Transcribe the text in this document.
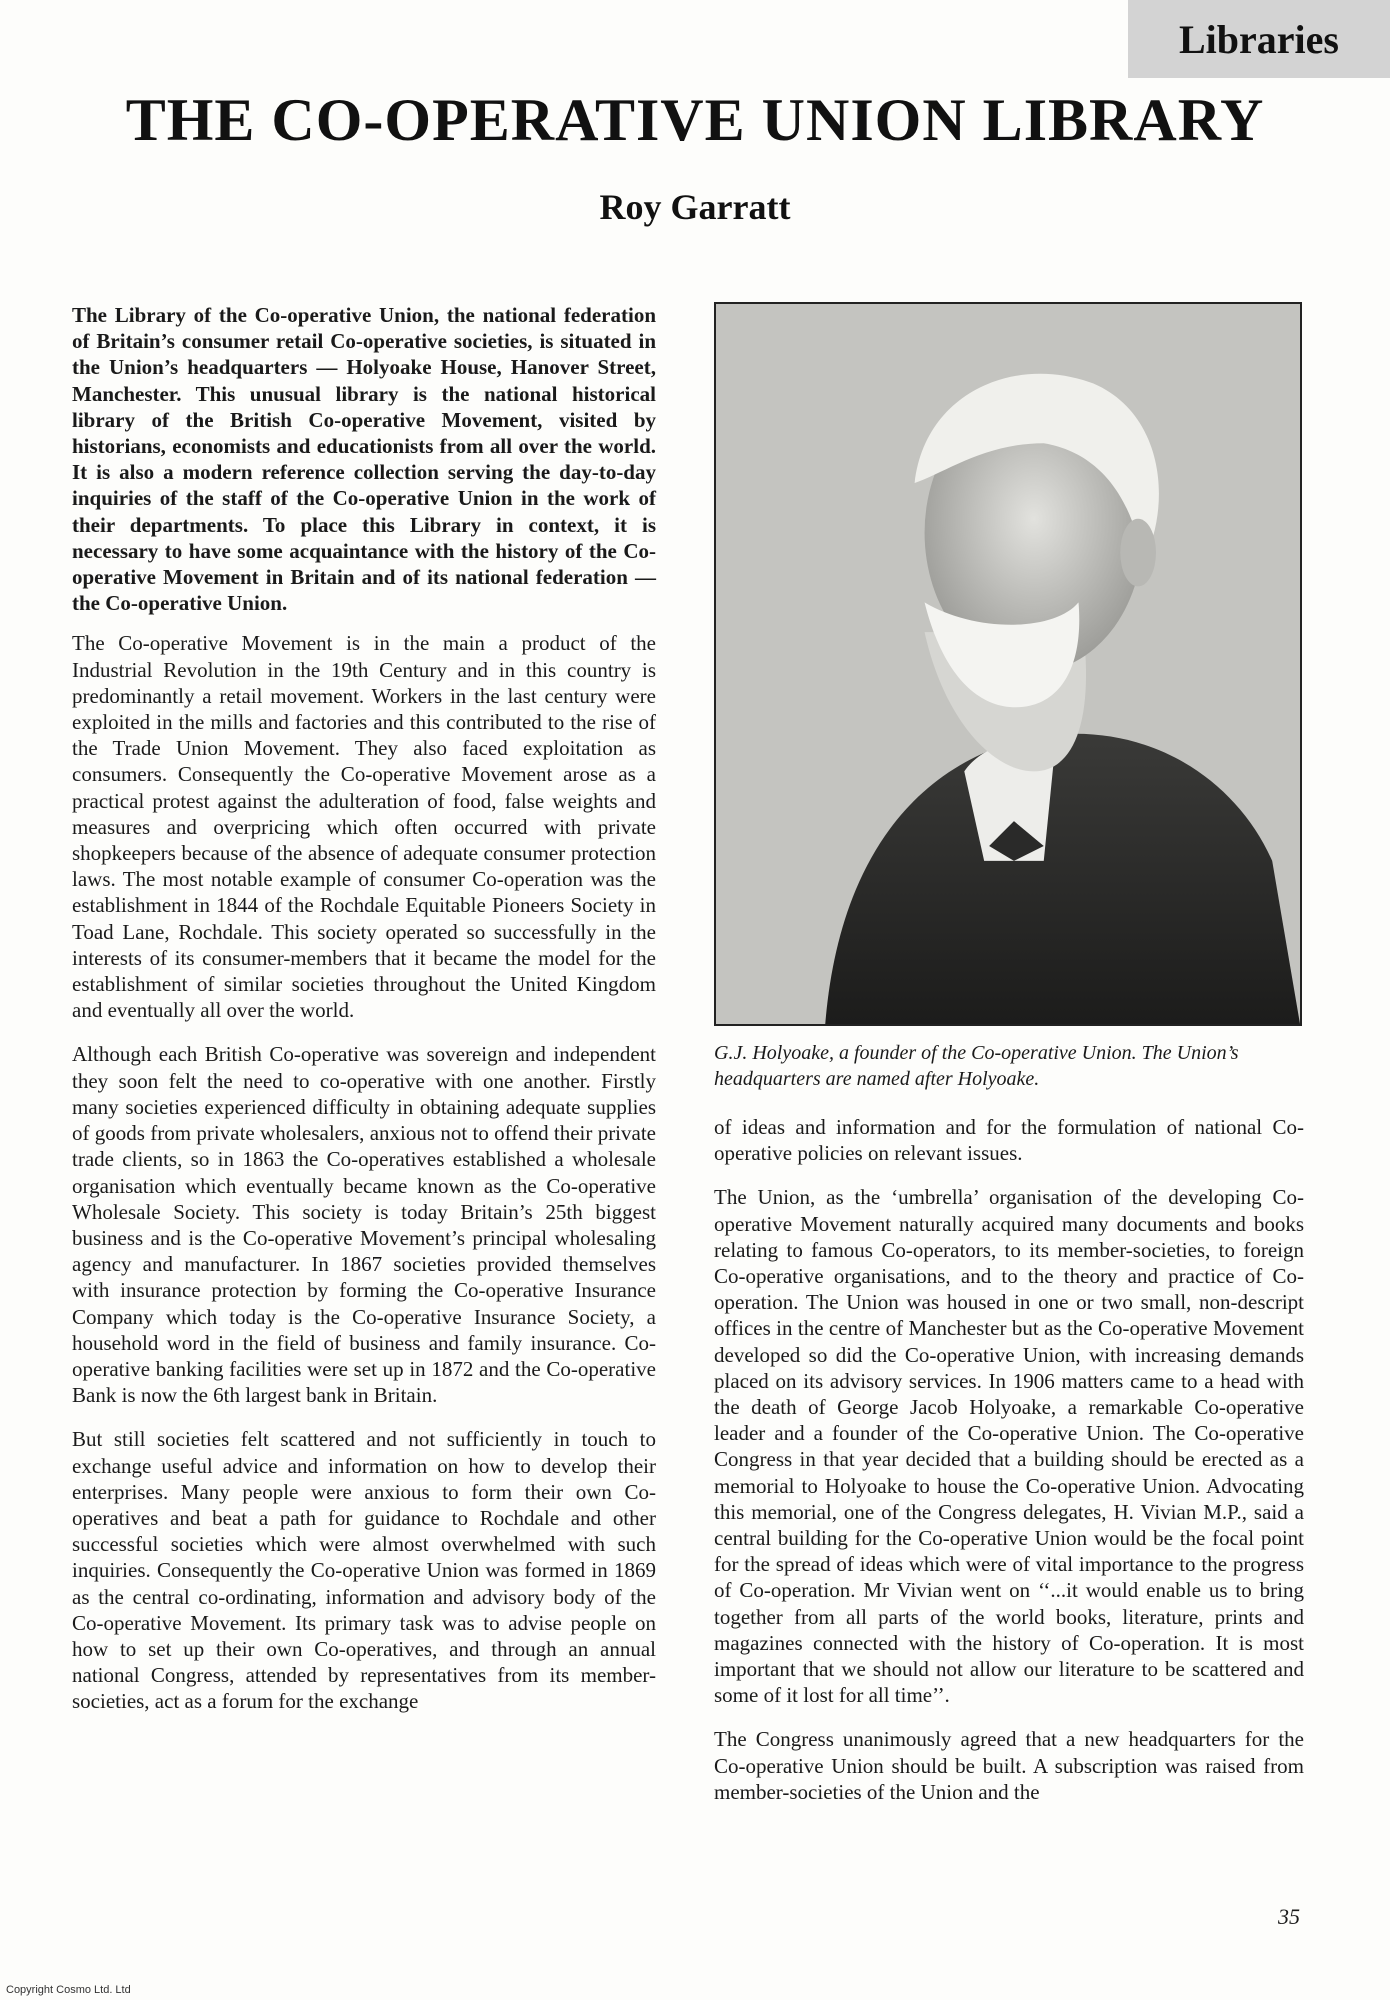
Libraries
THE CO-OPERATIVE UNION LIBRARY
Roy Garratt

The Library of the Co-operative Union, the national federation of Britain’s consumer retail Co-operative societies, is situated in the Union’s headquarters — Holyoake House, Hanover Street, Manchester. This unusual library is the national historical library of the British Co-operative Movement, visited by historians, economists and educationists from all over the world. It is also a modern reference collection serving the day-to-day inquiries of the staff of the Co-operative Union in the work of their departments. To place this Library in context, it is necessary to have some acquaintance with the history of the Co-operative Movement in Britain and of its national federation — the Co-operative Union.

The Co-operative Movement is in the main a product of the Industrial Revolution in the 19th Century and in this country is predominantly a retail movement. Workers in the last century were exploited in the mills and factories and this contributed to the rise of the Trade Union Movement. They also faced exploitation as consumers. Consequently the Co-operative Movement arose as a practical protest against the adulteration of food, false weights and measures and overpricing which often occurred with private shopkeepers because of the absence of adequate consumer protection laws. The most notable example of consumer Co-operation was the establishment in 1844 of the Rochdale Equitable Pioneers Society in Toad Lane, Rochdale. This society operated so successfully in the interests of its consumer-members that it became the model for the establishment of similar societies throughout the United Kingdom and eventually all over the world.

Although each British Co-operative was sovereign and independent they soon felt the need to co-operative with one another. Firstly many societies experienced difficulty in obtaining adequate supplies of goods from private wholesalers, anxious not to offend their private trade clients, so in 1863 the Co-operatives established a wholesale organisation which eventually became known as the Co-operative Wholesale Society. This society is today Britain’s 25th biggest business and is the Co-operative Movement’s principal wholesaling agency and manufacturer. In 1867 societies provided themselves with insurance protection by forming the Co-operative Insurance Company which today is the Co-operative Insurance Society, a household word in the field of business and family insurance. Co-operative banking facilities were set up in 1872 and the Co-operative Bank is now the 6th largest bank in Britain.

But still societies felt scattered and not sufficiently in touch to exchange useful advice and information on how to develop their enterprises. Many people were anxious to form their own Co-operatives and beat a path for guidance to Rochdale and other successful societies which were almost overwhelmed with such inquiries. Consequently the Co-operative Union was formed in 1869 as the central co-ordinating, information and advisory body of the Co-operative Movement. Its primary task was to advise people on how to set up their own Co-operatives, and through an annual national Congress, attended by representatives from its member-societies, act as a forum for the exchange

G.J. Holyoake, a founder of the Co-operative Union. The Union’s headquarters are named after Holyoake.

of ideas and information and for the formulation of national Co-operative policies on relevant issues.

The Union, as the ‘umbrella’ organisation of the developing Co-operative Movement naturally acquired many documents and books relating to famous Co-operators, to its member-societies, to foreign Co-operative organisations, and to the theory and practice of Co-operation. The Union was housed in one or two small, non-descript offices in the centre of Manchester but as the Co-operative Movement developed so did the Co-operative Union, with increasing demands placed on its advisory services. In 1906 matters came to a head with the death of George Jacob Holyoake, a remarkable Co-operative leader and a founder of the Co-operative Union. The Co-operative Congress in that year decided that a building should be erected as a memorial to Holyoake to house the Co-operative Union. Advocating this memorial, one of the Congress delegates, H. Vivian M.P., said a central building for the Co-operative Union would be the focal point for the spread of ideas which were of vital importance to the progress of Co-operation. Mr Vivian went on ‘‘...it would enable us to bring together from all parts of the world books, literature, prints and magazines connected with the history of Co-operation. It is most important that we should not allow our literature to be scattered and some of it lost for all time’’.

The Congress unanimously agreed that a new headquarters for the Co-operative Union should be built. A subscription was raised from member-societies of the Union and the

35
Copyright Cosmo Ltd. Ltd
